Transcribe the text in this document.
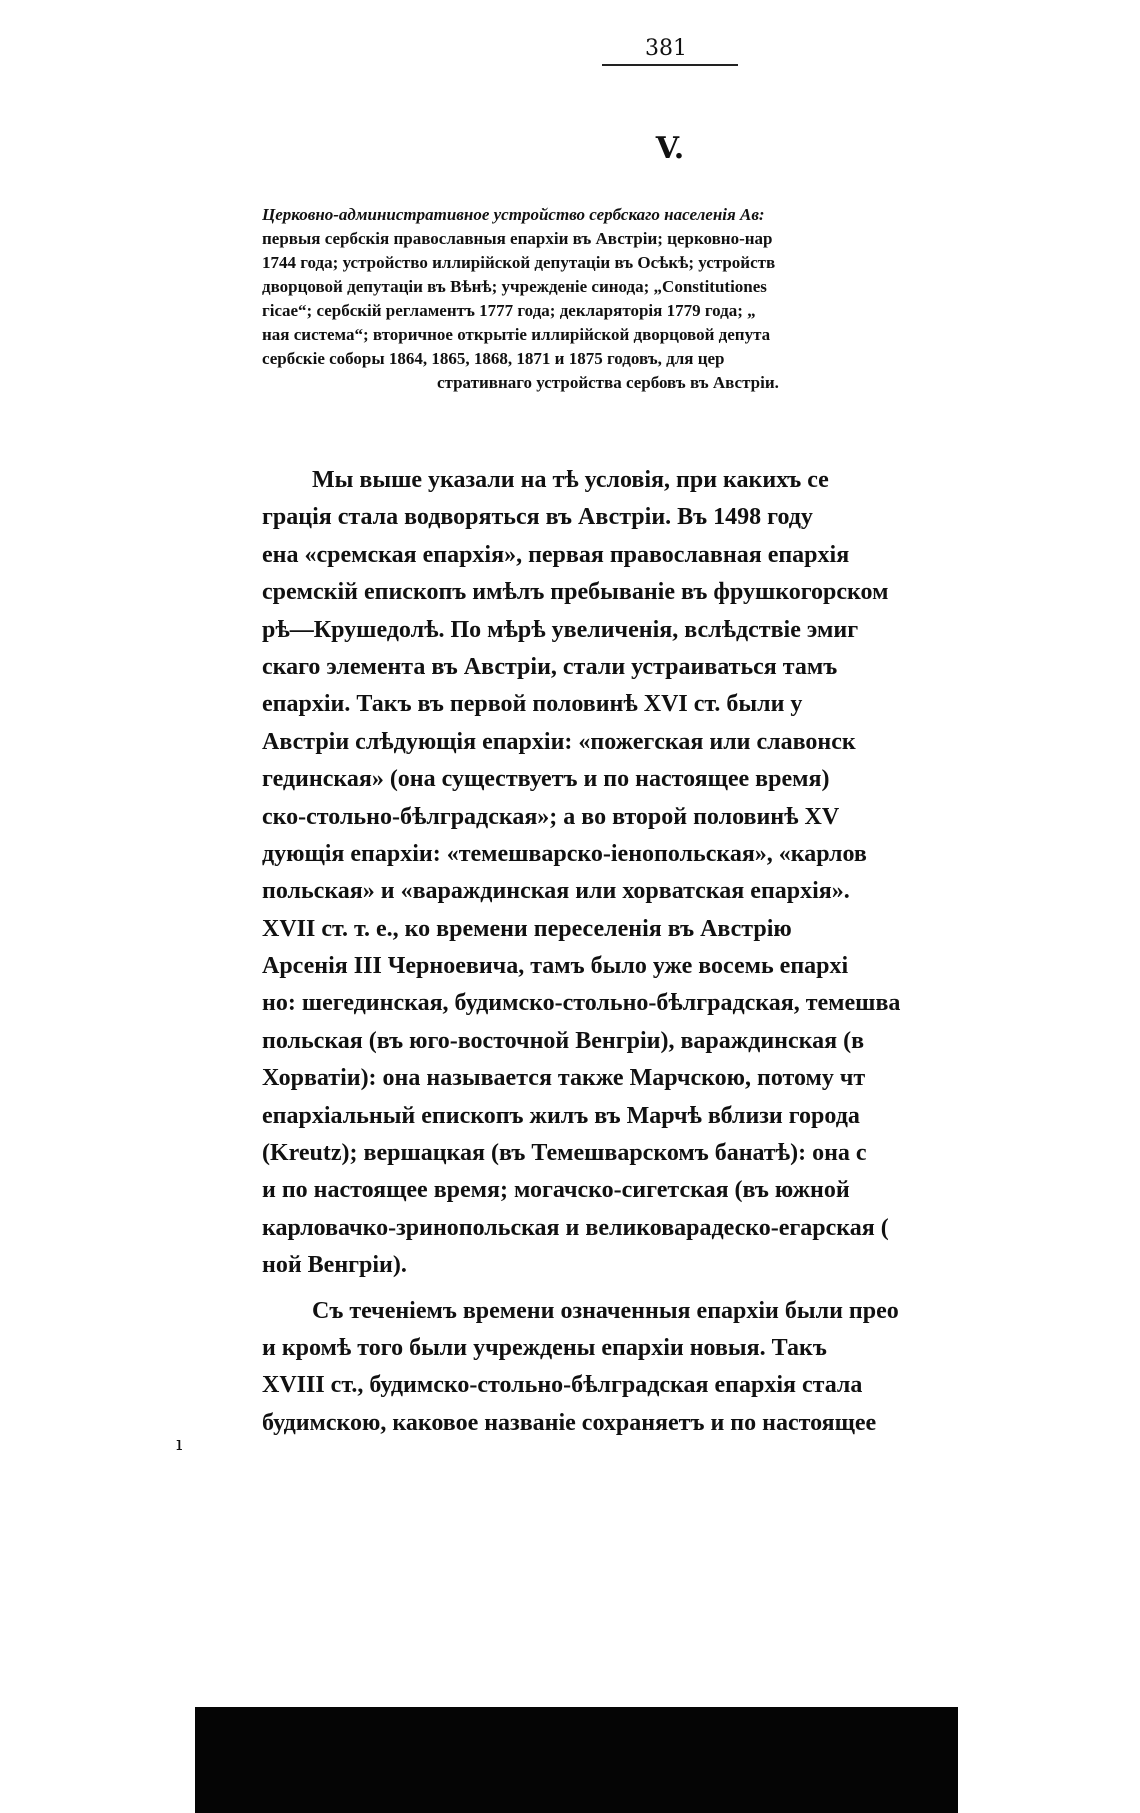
381
V.
Церковно-административное устройство сербскаго населенія Ав:
первыя сербскія православныя епархіи въ Австріи; церковно-нар
1744 года; устройство иллирійской депутаціи въ Осѣкѣ; устройств
дворцовой депутаціи въ Вѣнѣ; учрежденіе синода; „Constitutiones
гicae“; сербскій регламентъ 1777 года; декларяторія 1779 года; „
ная система“; вторичное открытіе иллирійской дворцовой депута
сербскіе соборы 1864, 1865, 1868, 1871 и 1875 годовъ, для цер
стративнаго устройства сербовъ въ Австріи.
Мы выше указали на тѣ условія, при какихъ се
грація стала водворяться въ Австріи. Въ 1498 году
ена «сремская епархія», первая православная епархія
сремскій епископъ имѣлъ пребываніе въ фрушкогорском
рѣ—Крушедолѣ. По мѣрѣ увеличенія, вслѣдствіе эмиг
скаго элемента въ Австріи, стали устраиваться тамъ
епархіи. Такъ въ первой половинѣ XVI ст. были у
Австріи слѣдующія епархіи: «пожегская или славонск
гединская» (она существуетъ и по настоящее время)
ско-стольно-бѣлградская»; а во второй половинѣ XV
дующія епархіи: «темешварско-іенопольская», «карлов
польская» и «вараждинская или хорватская епархія».
XVII ст. т. е., ко времени переселенія въ Австрію
Арсенія III Черноевича, тамъ было уже восемь епархі
но: шегединская, будимско-стольно-бѣлградская, темешва
польская (въ юго-восточной Венгріи), вараждинская (в
Хорватіи): она называется также Марчскою, потому чт
епархіальный епископъ жилъ въ Марчѣ вблизи города
(Kreutz); вершацкая (въ Темешварскомъ банатѣ): она с
и по настоящее время; могачско-сигетская (въ южной
карловачко-зринопольская и великоварадеско-егарская (
ной Венгріи).
Съ теченіемъ времени означенныя епархіи были прео
и кромѣ того были учреждены епархіи новыя. Такъ
XVIII ст., будимско-стольно-бѣлградская епархія стала
будимскою, каковое названіе сохраняетъ и по настоящее
ı
